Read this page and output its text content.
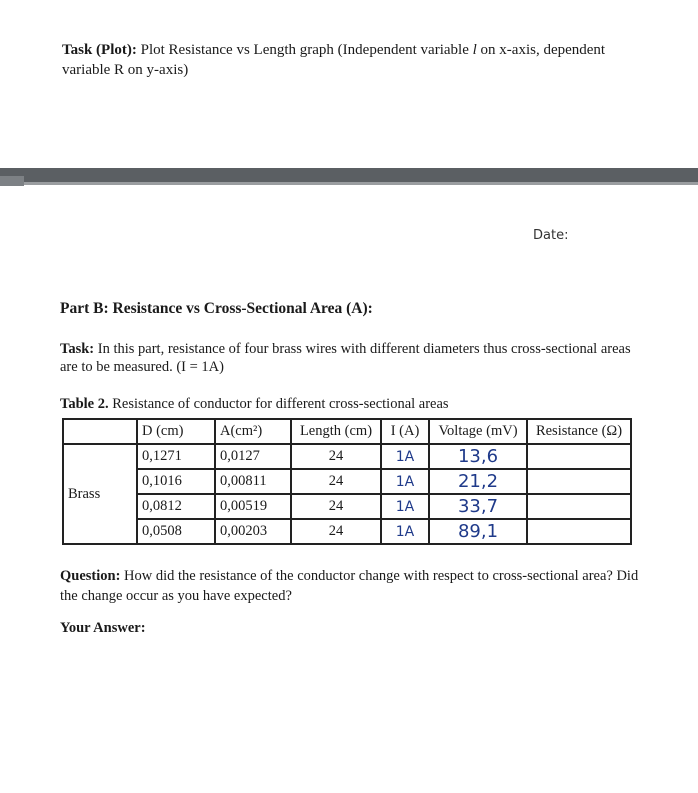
Task (Plot): Plot Resistance vs Length graph (Independent variable l on x-axis, dependent
variable R on y-axis)
Date:
Part B: Resistance vs Cross-Sectional Area (A):
Task: In this part, resistance of four brass wires with different diameters thus cross-sectional areas are to be measured. (I = 1A)
Table 2. Resistance of conductor for different cross-sectional areas
	D (cm)	A(cm²)	Length (cm)	I (A)	Voltage (mV)	Resistance (Ω)
Brass	0,1271	0,0127	24	1A	13,6	
	0,1016	0,00811	24	1A	21,2	
	0,0812	0,00519	24	1A	33,7	
	0,0508	0,00203	24	1A	89,1	
Question: How did the resistance of the conductor change with respect to cross-sectional area? Did the change occur as you have expected?
Your Answer:
